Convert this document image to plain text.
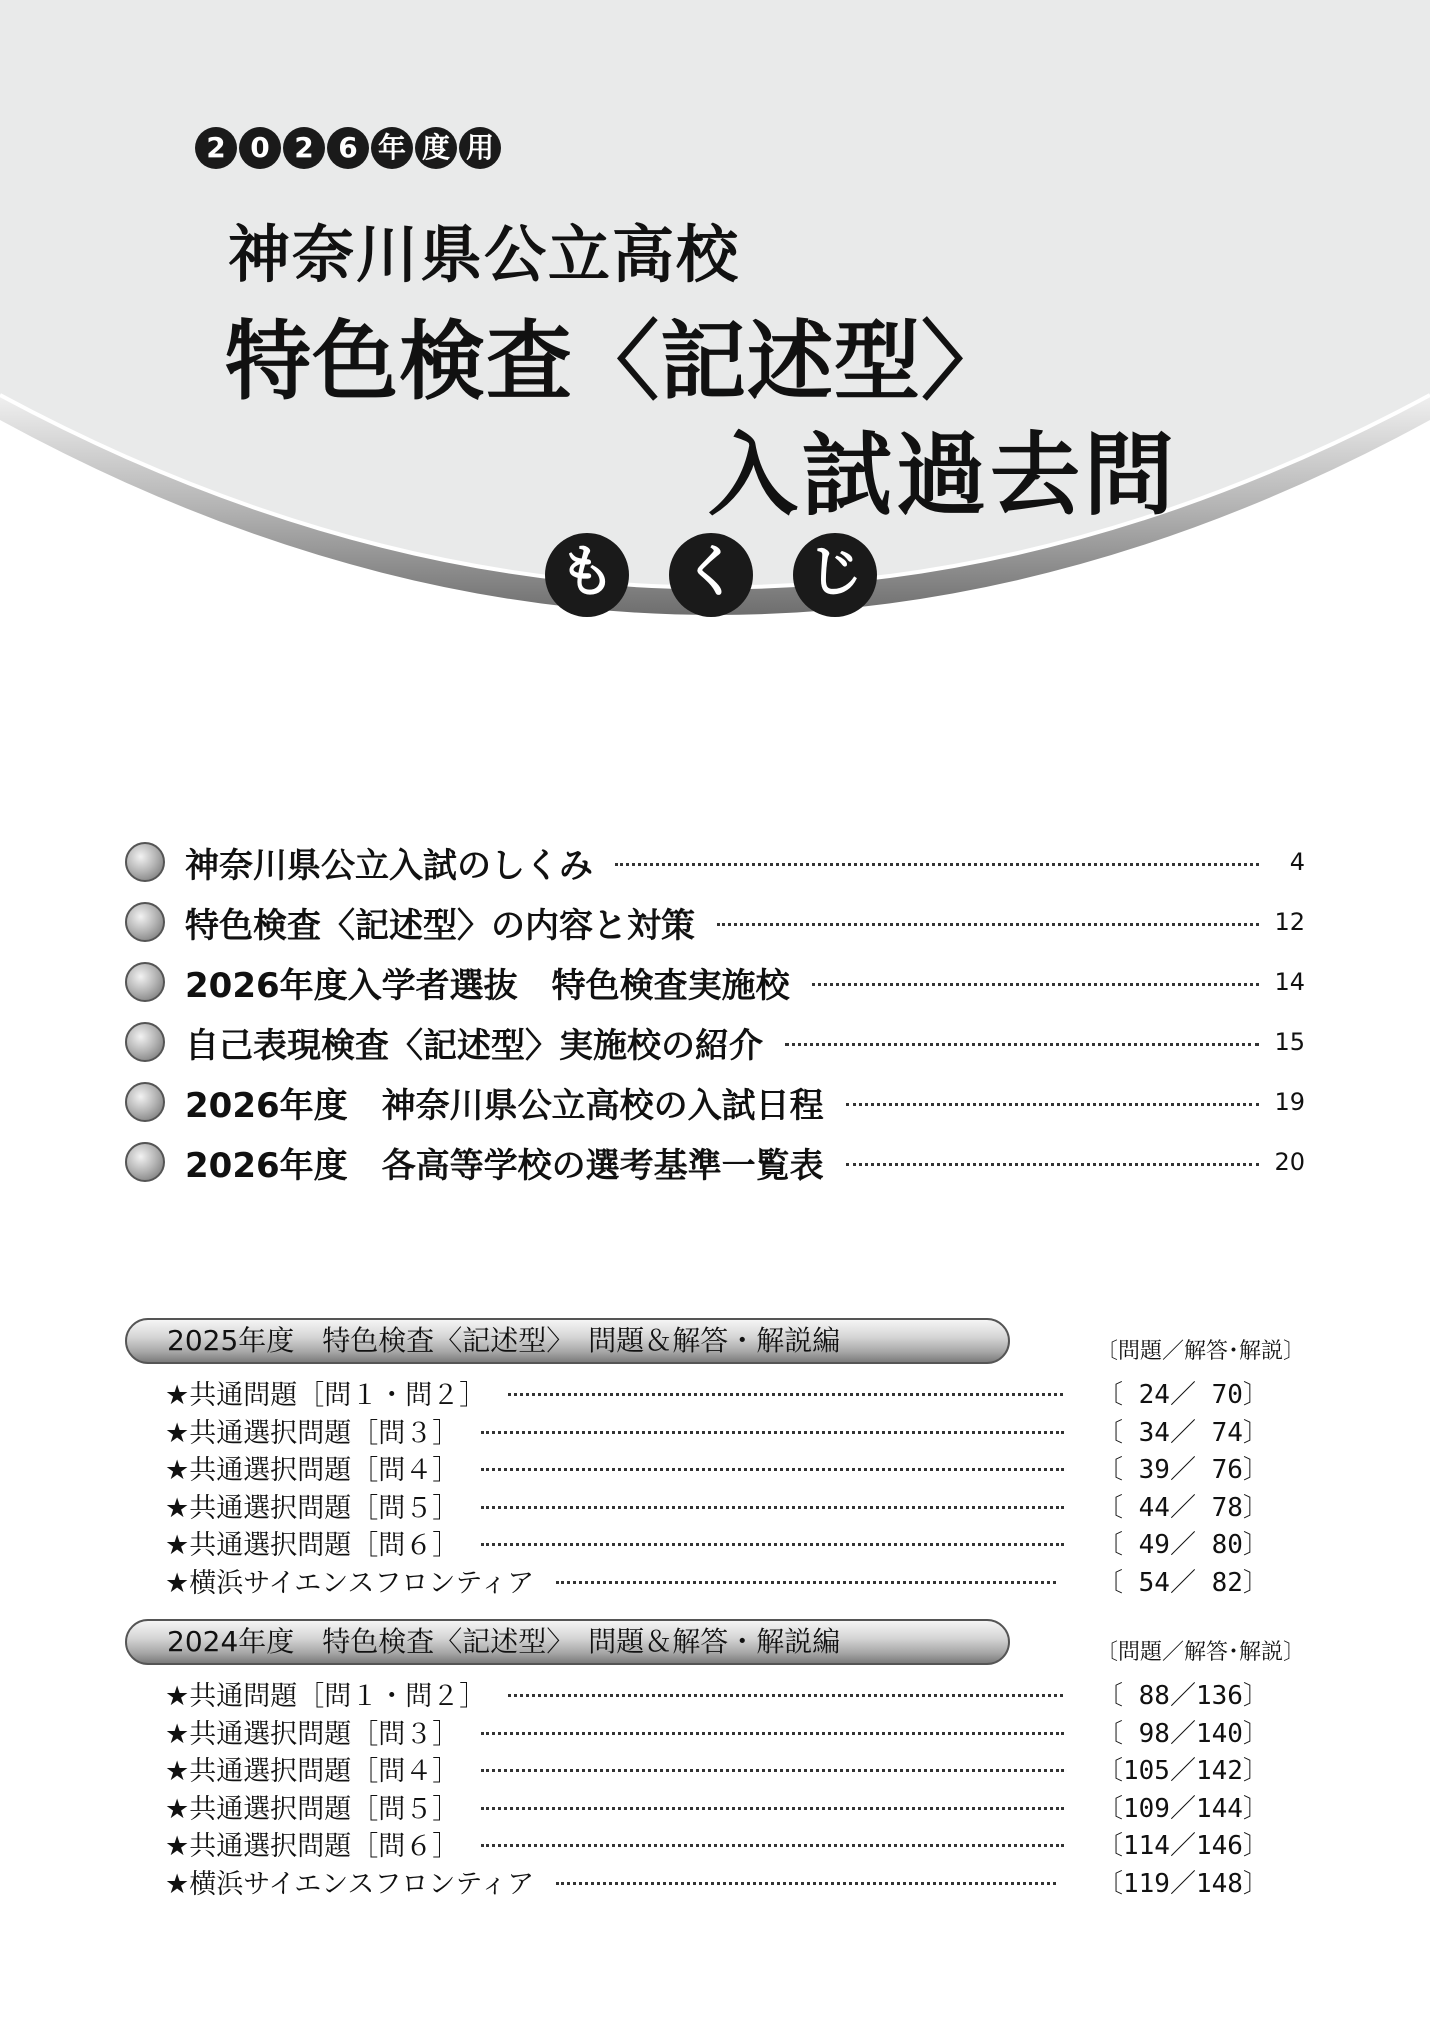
2 0 2 6 年 度 用
神奈川県公立高校
特色検査〈記述型〉
入試過去問
も く じ
神奈川県公立入試のしくみ	4
特色検査〈記述型〉の内容と対策	12
2026年度入学者選抜　特色検査実施校	14
自己表現検査〈記述型〉実施校の紹介	15
2026年度　神奈川県公立高校の入試日程	19
2026年度　各高等学校の選考基準一覧表	20
2025年度　特色検査〈記述型〉　問題＆解答・解説編	〔問題／解答･解説〕
★共通問題［問１・問２］	〔 24／ 70〕
★共通選択問題［問３］	〔 34／ 74〕
★共通選択問題［問４］	〔 39／ 76〕
★共通選択問題［問５］	〔 44／ 78〕
★共通選択問題［問６］	〔 49／ 80〕
★横浜サイエンスフロンティア	〔 54／ 82〕
2024年度　特色検査〈記述型〉　問題＆解答・解説編	〔問題／解答･解説〕
★共通問題［問１・問２］	〔 88／136〕
★共通選択問題［問３］	〔 98／140〕
★共通選択問題［問４］	〔105／142〕
★共通選択問題［問５］	〔109／144〕
★共通選択問題［問６］	〔114／146〕
★横浜サイエンスフロンティア	〔119／148〕
